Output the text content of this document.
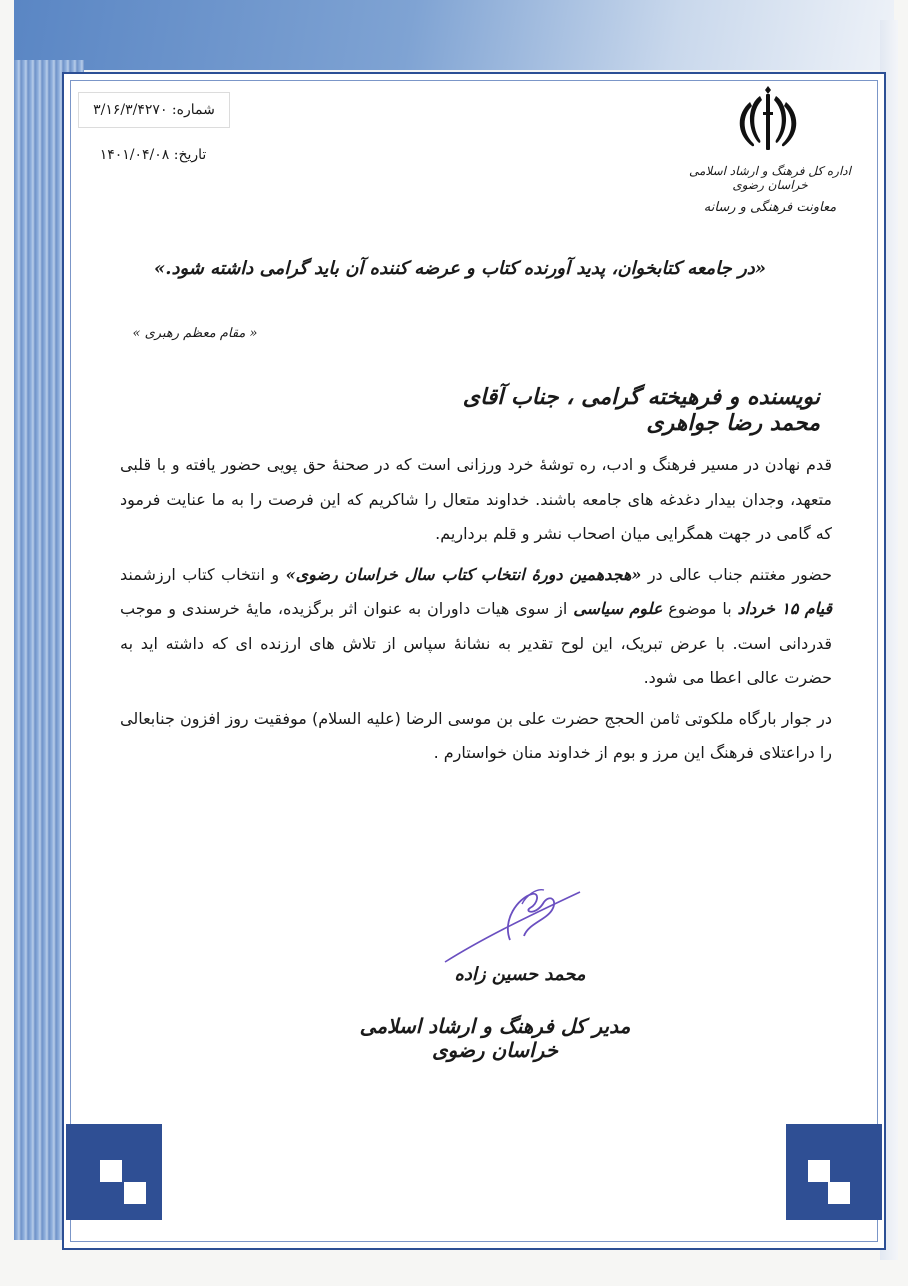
شماره: ۳/۱۶/۳/۴۲۷۰
تاریخ: ۱۴۰۱/۰۴/۰۸
اداره کل فرهنگ و ارشاد اسلامی خراسان رضوی
معاونت فرهنگی و رسانه
«در جامعه کتابخوان، پدید آورنده کتاب و عرضه کننده آن باید گرامی داشته شود.»
« مقام معظم رهبری »
نویسنده و فرهیخته گرامی ، جناب آقای محمد رضا جواهری

قدم نهادن در مسیر فرهنگ و ادب، ره توشهٔ خرد ورزانی است که در صحنهٔ حق پویی حضور یافته و با قلبی متعهد، وجدان بیدار دغدغه های جامعه باشند. خداوند متعال را شاکریم که این فرصت را به ما عنایت فرمود که گامی در جهت همگرایی میان اصحاب نشر و قلم برداریم.

حضور مغتنم جناب عالی در «هجدهمین دورهٔ انتخاب کتاب سال خراسان رضوی» و انتخاب کتاب ارزشمند قیام ۱۵ خرداد با موضوع علوم سیاسی از سوی هیات داوران به عنوان اثر برگزیده، مایهٔ خرسندی و موجب قدردانی است. با عرض تبریک، این لوح تقدیر به نشانهٔ سپاس از تلاش های ارزنده ای که داشته اید به حضرت عالی اعطا می شود.

در جوار بارگاه ملکوتی ثامن الحجج حضرت علی بن موسی الرضا (علیه السلام) موفقیت روز افزون جنابعالی را دراعتلای فرهنگ این مرز و بوم از خداوند منان خواستارم .

محمد حسین زاده
مدیر کل فرهنگ و ارشاد اسلامی خراسان رضوی
